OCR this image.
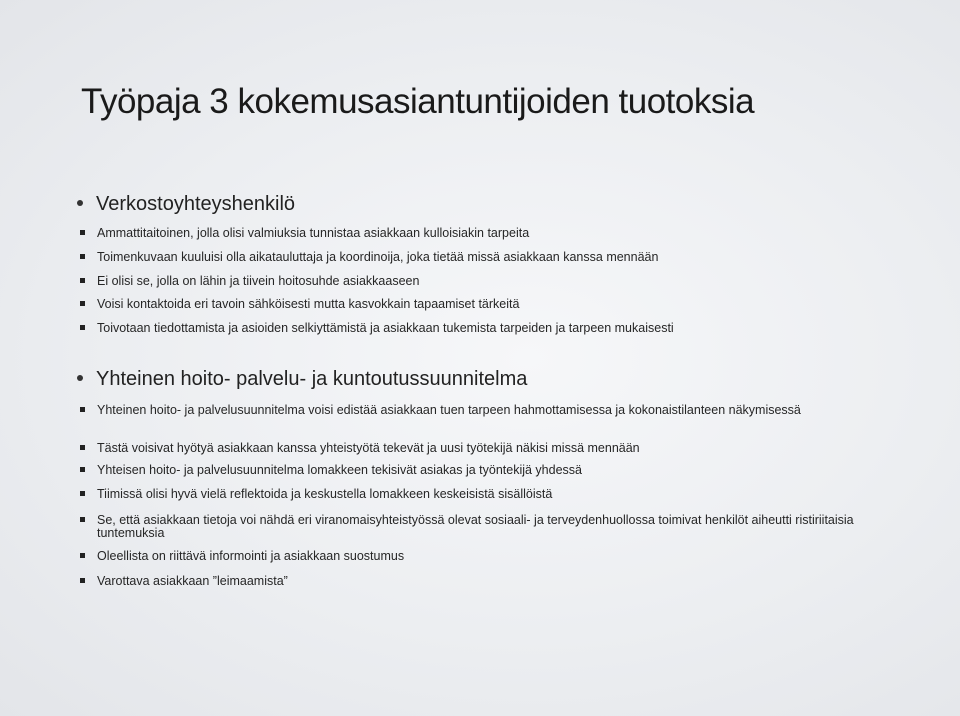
Työpaja 3 kokemusasiantuntijoiden tuotoksia
Verkostoyhteyshenkilö
Ammattitaitoinen, jolla olisi valmiuksia tunnistaa asiakkaan kulloisiakin tarpeita
Toimenkuvaan kuuluisi olla aikatauluttaja ja koordinoija, joka tietää missä asiakkaan kanssa mennään
Ei olisi se, jolla on lähin ja tiivein hoitosuhde asiakkaaseen
Voisi kontaktoida eri tavoin sähköisesti mutta kasvokkain tapaamiset tärkeitä
Toivotaan tiedottamista ja asioiden selkiyttämistä ja asiakkaan tukemista tarpeiden ja tarpeen mukaisesti
Yhteinen hoito- palvelu- ja kuntoutussuunnitelma
Yhteinen hoito- ja palvelusuunnitelma voisi edistää asiakkaan tuen tarpeen hahmottamisessa ja kokonaistilanteen näkymisessä
Tästä voisivat hyötyä asiakkaan kanssa yhteistyötä tekevät ja uusi työtekijä näkisi missä mennään
Yhteisen hoito- ja palvelusuunnitelma lomakkeen tekisivät asiakas ja työntekijä yhdessä
Tiimissä olisi hyvä vielä reflektoida ja keskustella lomakkeen keskeisistä sisällöistä
Se, että asiakkaan tietoja voi nähdä eri viranomaisyhteistyössä olevat sosiaali- ja terveydenhuollossa toimivat henkilöt aiheutti ristiriitaisia tuntemuksia
Oleellista on riittävä informointi ja asiakkaan suostumus
Varottava asiakkaan ”leimaamista”
